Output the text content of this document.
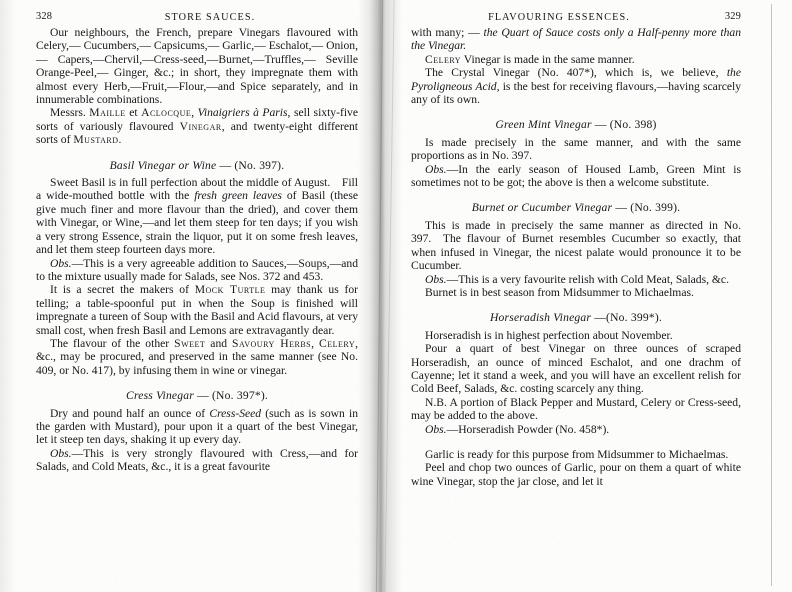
328	STORE SAUCES.

Our neighbours, the French, prepare Vinegars flavoured with Celery,— Cucumbers,— Capsicums,— Garlic,— Eschalot,— Onion,— Capers,—Chervil,—Cress-seed,—Burnet,—Truffles,— Seville Orange-Peel,— Ginger, &c.; in short, they impregnate them with almost every Herb,—Fruit,—Flour,—and Spice separately, and in innumerable combinations.

Messrs. Maille et Aclocque, Vinaigriers à Paris, sell sixty-five sorts of variously flavoured Vinegar, and twenty-eight different sorts of Mustard.

Basil Vinegar or Wine — (No. 397).

Sweet Basil is in full perfection about the middle of August. Fill a wide-mouthed bottle with the fresh green leaves of Basil (these give much finer and more flavour than the dried), and cover them with Vinegar, or Wine,—and let them steep for ten days; if you wish a very strong Essence, strain the liquor, put it on some fresh leaves, and let them steep fourteen days more.

Obs.—This is a very agreeable addition to Sauces,—Soups,—and to the mixture usually made for Salads, see Nos. 372 and 453.

It is a secret the makers of Mock Turtle may thank us for telling; a table-spoonful put in when the Soup is finished will impregnate a tureen of Soup with the Basil and Acid flavours, at very small cost, when fresh Basil and Lemons are extravagantly dear.

The flavour of the other Sweet and Savoury Herbs, Celery, &c., may be procured, and preserved in the same manner (see No. 409, or No. 417), by infusing them in wine or vinegar.

Cress Vinegar — (No. 397*).

Dry and pound half an ounce of Cress-Seed (such as is sown in the garden with Mustard), pour upon it a quart of the best Vinegar, let it steep ten days, shaking it up every day.

Obs.—This is very strongly flavoured with Cress,—and for Salads, and Cold Meats, &c., it is a great favourite

FLAVOURING ESSENCES.	329

with many; — the Quart of Sauce costs only a Half-penny more than the Vinegar.

Celery Vinegar is made in the same manner.

The Crystal Vinegar (No. 407*), which is, we believe, the Pyroligneous Acid, is the best for receiving flavours,—having scarcely any of its own.

Green Mint Vinegar — (No. 398)

Is made precisely in the same manner, and with the same proportions as in No. 397.

Obs.—In the early season of Housed Lamb, Green Mint is sometimes not to be got; the above is then a welcome substitute.

Burnet or Cucumber Vinegar — (No. 399).

This is made in precisely the same manner as directed in No. 397. The flavour of Burnet resembles Cucumber so exactly, that when infused in Vinegar, the nicest palate would pronounce it to be Cucumber.

Obs.—This is a very favourite relish with Cold Meat, Salads, &c.

Burnet is in best season from Midsummer to Michaelmas.

Horseradish Vinegar —(No. 399*).

Horseradish is in highest perfection about November.

Pour a quart of best Vinegar on three ounces of scraped Horseradish, an ounce of minced Eschalot, and one drachm of Cayenne; let it stand a week, and you will have an excellent relish for Cold Beef, Salads, &c. costing scarcely any thing.

N.B. A portion of Black Pepper and Mustard, Celery or Cress-seed, may be added to the above.

Obs.—Horseradish Powder (No. 458*).

Garlic is ready for this purpose from Midsummer to Michaelmas.

Peel and chop two ounces of Garlic, pour on them a quart of white wine Vinegar, stop the jar close, and let it
